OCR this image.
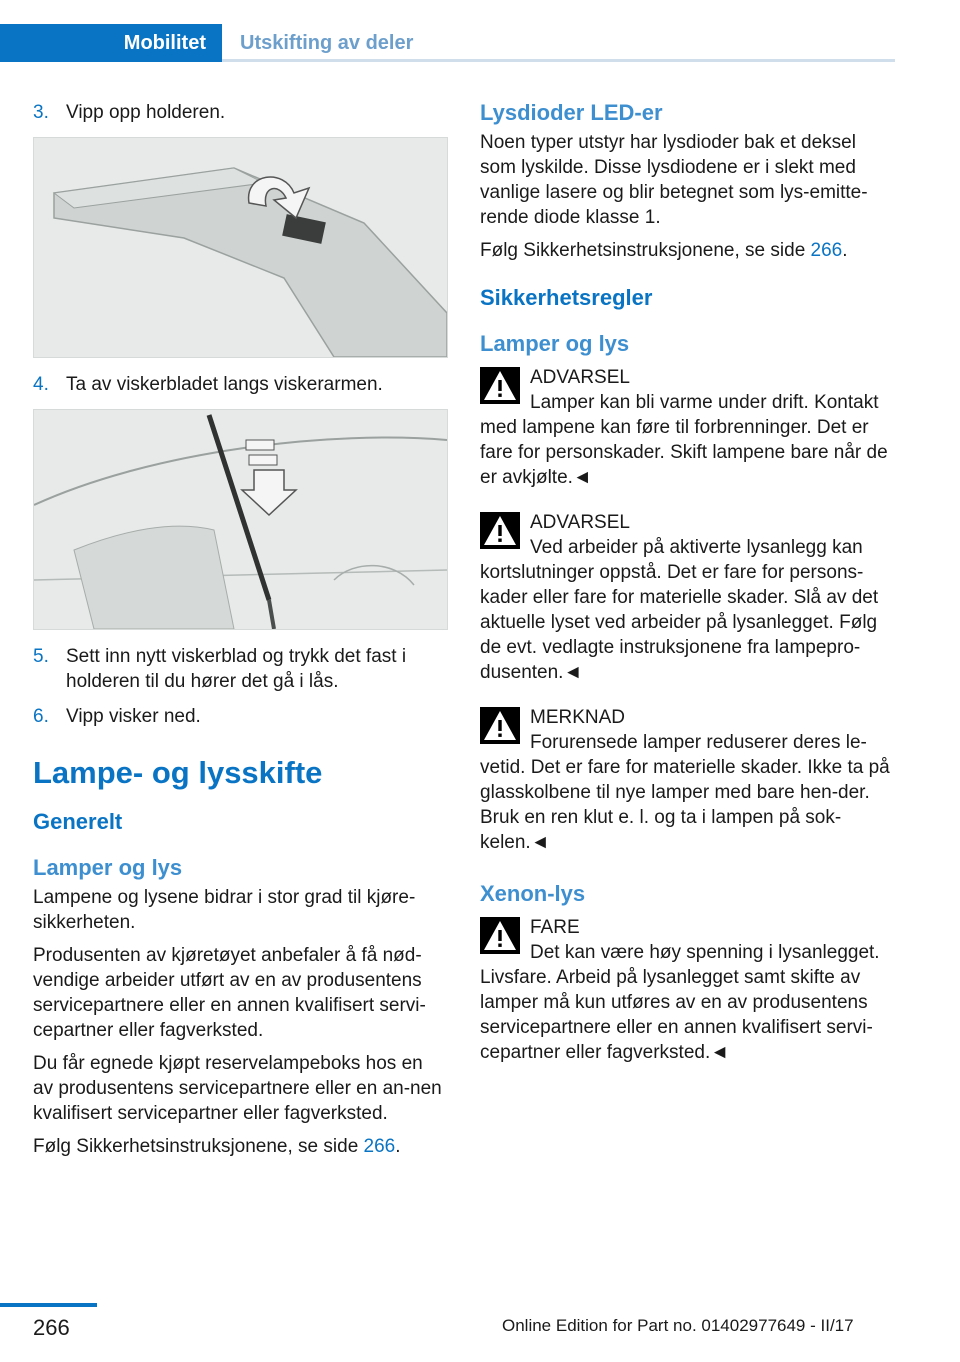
Mobilitet	Utskifting av deler
3. Vipp opp holderen.
4. Ta av viskerbladet langs viskerarmen.
5. Sett inn nytt viskerblad og trykk det fast i holderen til du hører det gå i lås.
6. Vipp visker ned.
Lampe- og lysskifte
Generelt
Lamper og lys

Lampene og lysene bidrar i stor grad til kjøre-sikkerheten.

Produsenten av kjøretøyet anbefaler å få nød-vendige arbeider utført av en av produsentens servicepartnere eller en annen kvalifisert servi-cepartner eller fagverksted.

Du får egnede kjøpt reservelampeboks hos en av produsentens servicepartnere eller en an-nen kvalifisert servicepartner eller fagverksted.

Følg Sikkerhetsinstruksjonene, se side 266.

Lysdioder LED-er

Noen typer utstyr har lysdioder bak et deksel som lyskilde. Disse lysdiodene er i slekt med vanlige lasere og blir betegnet som lys-emitte-rende diode klasse 1.

Følg Sikkerhetsinstruksjonene, se side 266.

Sikkerhetsregler
Lamper og lys
ADVARSEL
Lamper kan bli varme under drift. Kontakt
med lampene kan føre til forbrenninger. Det er fare for personskader. Skift lampene bare når de er avkjølte.◄
ADVARSEL
Ved arbeider på aktiverte lysanlegg kan
kortslutninger oppstå. Det er fare for persons-kader eller fare for materielle skader. Slå av det aktuelle lyset ved arbeider på lysanlegget. Følg de evt. vedlagte instruksjonene fra lampepro-dusenten.◄
MERKNAD
Forurensede lamper reduserer deres le-
vetid. Det er fare for materielle skader. Ikke ta på glasskolbene til nye lamper med bare hen-der. Bruk en ren klut e. l. og ta i lampen på sok-kelen.◄
Xenon-lys
FARE
Det kan være høy spenning i lysanlegget.
Livsfare. Arbeid på lysanlegget samt skifte av lamper må kun utføres av en av produsentens servicepartnere eller en annen kvalifisert servi-cepartner eller fagverksted.◄
266	Online Edition for Part no. 01402977649 - II/17
